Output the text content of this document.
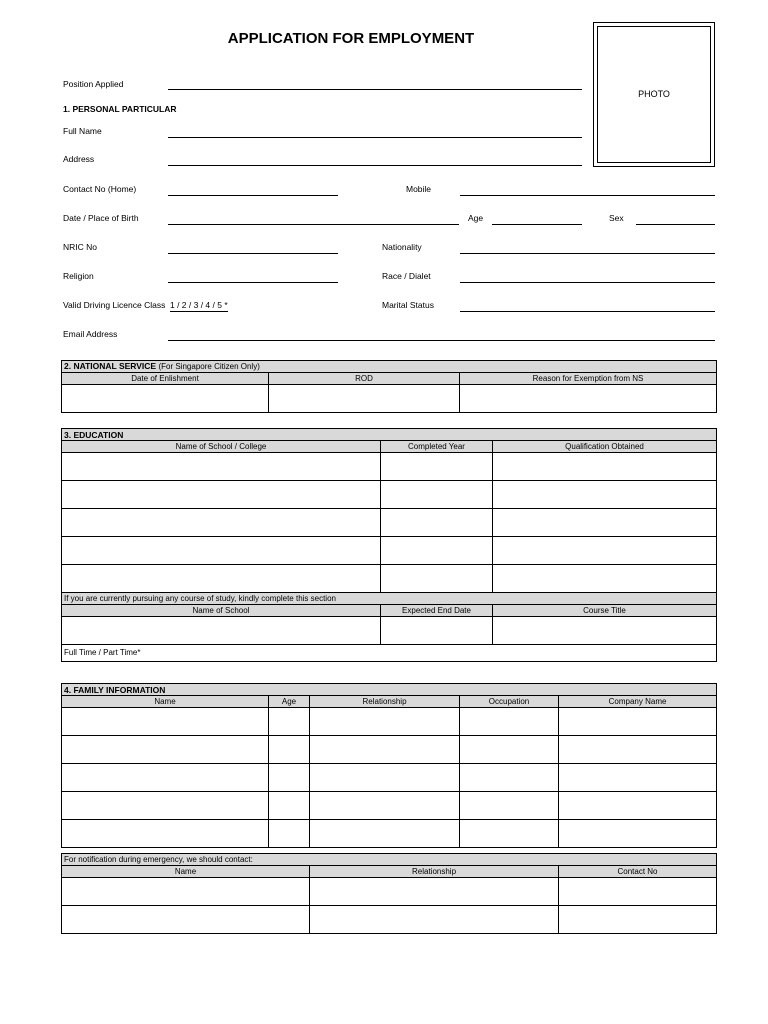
APPLICATION FOR EMPLOYMENT
PHOTO
Position Applied
1. PERSONAL PARTICULAR
Full Name
Address
Contact No (Home)	Mobile
Date / Place of Birth	Age	Sex
NRIC No	Nationality
Religion	Race / Dialet
Valid Driving Licence Class 1 / 2 / 3 / 4 / 5 *	Marital Status
Email Address
2. NATIONAL SERVICE (For Singapore Citizen Only)		
Date of Enlishment	ROD	Reason for Exemption from NS

3. EDUCATION		
Name of School / College	Completed Year	Qualification Obtained

If you are currently pursuing any course of study, kindly complete this section		
Name of School	Expected End Date	Course Title

Full Time / Part Time*		
4. FAMILY INFORMATION				
Name	Age	Relationship	Occupation	Company Name

For notification during emergency, we should contact:		
Name	Relationship	Contact No
